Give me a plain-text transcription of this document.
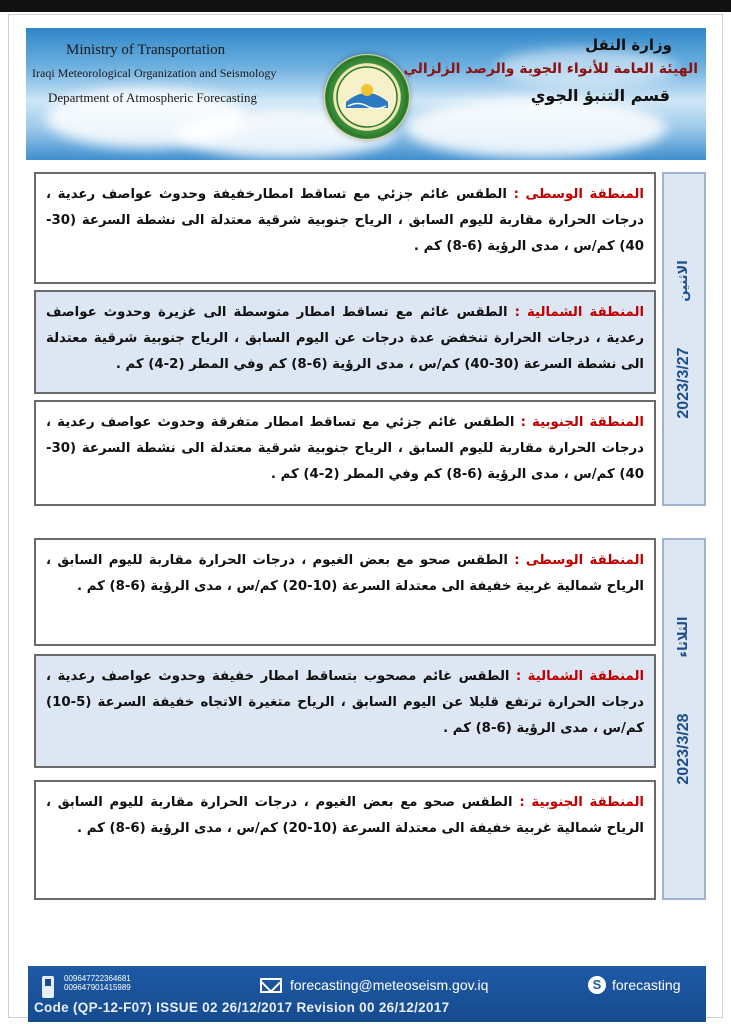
Ministry of Transportation
Iraqi Meteorological Organization and Seismology
Department of Atmospheric Forecasting
وزارة النقل
الهيئة العامة للأنواء الجوية والرصد الزلزالي
قسم التنبؤ الجوي
المنطقة الوسطى : الطقس غائم جزئي مع تساقط امطارخفيفة وحدوث عواصف رعدية ، درجات الحرارة مقاربة لليوم السابق ، الرياح جنوبية شرقية معتدلة الى نشطة السرعة (30-40) كم/س ، مدى الرؤية (6-8) كم .
المنطقة الشمالية : الطقس غائم مع تساقط امطار متوسطة الى غزيرة وحدوث عواصف رعدية ، درجات الحرارة تنخفض عدة درجات عن اليوم السابق ، الرياح جنوبية شرقية معتدلة الى نشطة السرعة (30-40) كم/س ، مدى الرؤية (6-8) كم وفي المطر (2-4) كم .
المنطقة الجنوبية : الطقس غائم جزئي مع تساقط امطار متفرقة وحدوث عواصف رعدية ، درجات الحرارة مقاربة لليوم السابق ، الرياح جنوبية شرقية معتدلة الى نشطة السرعة (30-40) كم/س ، مدى الرؤية (6-8) كم وفي المطر (2-4) كم .
2023/3/27
الاثنين
المنطقة الوسطى : الطقس صحو مع بعض الغيوم ، درجات الحرارة مقاربة لليوم السابق ، الرياح شمالية غربية خفيفة الى معتدلة السرعة (10-20) كم/س ، مدى الرؤية (6-8) كم .
المنطقة الشمالية : الطقس غائم مصحوب بتساقط امطار خفيفة وحدوث عواصف رعدية ، درجات الحرارة ترتفع قليلا عن اليوم السابق ، الرياح متغيرة الاتجاه خفيفة السرعة (5-10) كم/س ، مدى الرؤية (6-8) كم .
المنطقة الجنوبية : الطقس صحو مع بعض الغيوم ، درجات الحرارة مقاربة لليوم السابق ، الرياح شمالية غربية خفيفة الى معتدلة السرعة (10-20) كم/س ، مدى الرؤية (6-8) كم .
2023/3/28
الثلاثاء
009647722364681
009647901415989	forecasting@meteoseism.gov.iq	S forecasting
Code (QP-12-F07) ISSUE 02 26/12/2017 Revision 00 26/12/2017
